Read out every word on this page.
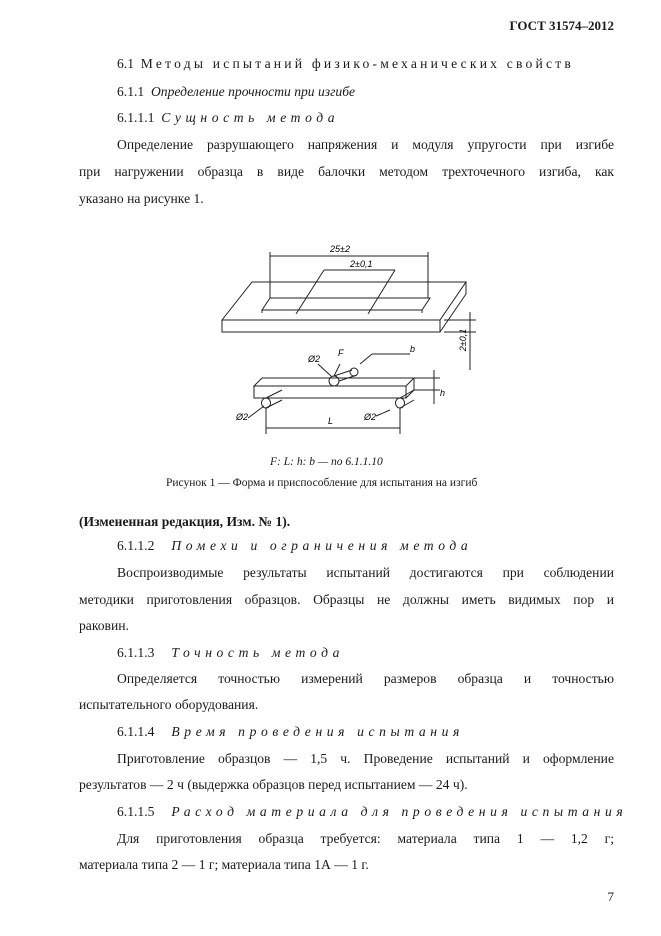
ГОСТ 31574–2012
6.1 Методы испытаний физико-механических свойств
6.1.1 Определение прочности при изгибе
6.1.1.1 Сущность метода
Определение разрушающего напряжения и модуля упругости при изгибе
при нагружении образца в виде балочки методом трехточечного изгиба, как
указано на рисунке 1.
25±2
2±0,1
2±0,1
Ø2
F	b
h
Ø2	L	Ø2
F: L: h: b — по 6.1.1.10
Рисунок 1 — Форма и приспособление для испытания на изгиб
(Измененная редакция, Изм. № 1).
6.1.1.2 Помехи и ограничения метода
Воспроизводимые результаты испытаний достигаются при соблюдении
методики приготовления образцов. Образцы не должны иметь видимых пор и
раковин.
6.1.1.3 Точность метода
Определяется точностью измерений размеров образца и точностью
испытательного оборудования.
6.1.1.4 Время проведения испытания
Приготовление образцов — 1,5 ч. Проведение испытаний и оформление
результатов — 2 ч (выдержка образцов перед испытанием — 24 ч).
6.1.1.5 Расход материала для проведения испытания
Для приготовления образца требуется: материала типа 1 — 1,2 г;
материала типа 2 — 1 г; материала типа 1А — 1 г.
7
